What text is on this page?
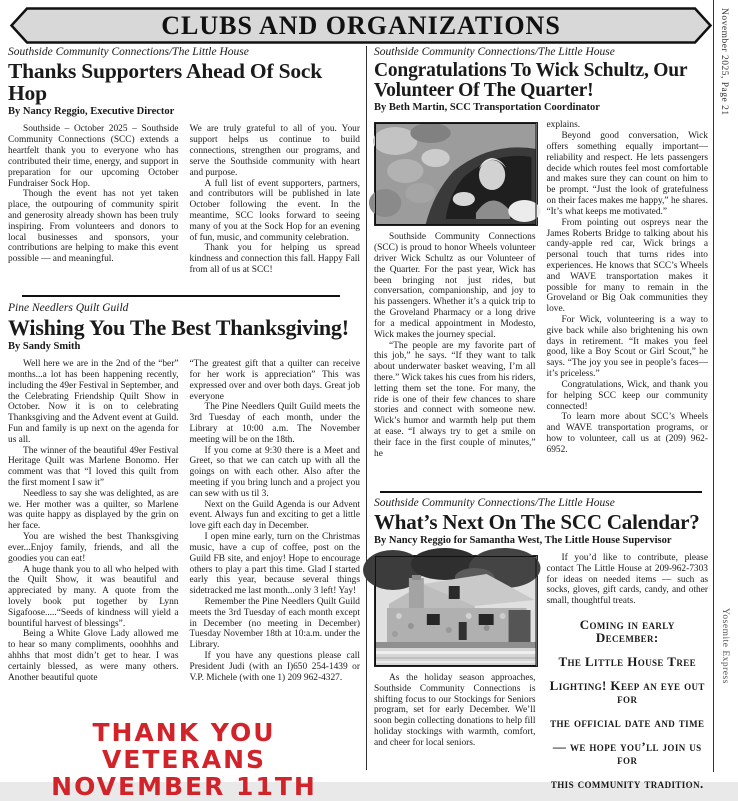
CLUBS AND ORGANIZATIONS	November 2025, Page 21
Yosemite Express

Southside Community Connections/The Little House

Thanks Supporters Ahead Of Sock Hop

By Nancy Reggio, Executive Director

Southside – October 2025 – Southside Community Connections (SCC) extends a heartfelt thank you to everyone who has contributed their time, energy, and support in preparation for our upcoming October Fundraiser Sock Hop.

Though the event has not yet taken place, the outpouring of community spirit and generosity already shown has been truly inspiring. From volunteers and donors to local businesses and sponsors, your contributions are helping to make this event possible — and meaningful.

We are truly grateful to all of you. Your support helps us continue to build connections, strengthen our programs, and serve the Southside community with heart and purpose.

A full list of event supporters, partners, and contributors will be published in late October following the event. In the meantime, SCC looks forward to seeing many of you at the Sock Hop for an evening of fun, music, and community celebration.

Thank you for helping us spread kindness and connection this fall. Happy Fall from all of us at SCC!

Pine Needlers Quilt Guild

Wishing You The Best Thanksgiving!

By Sandy Smith

Well here we are in the 2nd of the “ber” months...a lot has been happening recently, including the 49er Festival in September, and the Celebrating Friendship Quilt Show in October. Now it is on to celebrating Thanksgiving and the Advent event at Guild. Fun and family is up next on the agenda for us all.

The winner of the beautiful 49er Festival Heritage Quilt was Marlene Bonomo. Her comment was that “I loved this quilt from the first moment I saw it”

Needless to say she was delighted, as are we. Her mother was a quilter, so Marlene was quite happy as displayed by the grin on her face.

You are wished the best Thanksgiving ever...Enjoy family, friends, and all the goodies you can eat!

A huge thank you to all who helped with the Quilt Show, it was beautiful and appreciated by many. A quote from the lovely book put together by Lynn Sigafoose.....“Seeds of kindness will yield a bountiful harvest of blessings”.

Being a White Glove Lady allowed me to hear so many compliments, ooohhhs and ahhhs that most didn’t get to hear. I was certainly blessed, as were many others. Another beautiful quote

“The greatest gift that a quilter can receive for her work is appreciation” This was expressed over and over both days. Great job everyone

The Pine Needlers Quilt Guild meets the 3rd Tuesday of each month, under the Library at 10:00 a.m. The November meeting will be on the 18th.

If you come at 9:30 there is a Meet and Greet, so that we can catch up with all the goings on with each other. Also after the meeting if you bring lunch and a project you can sew with us til 3.

Next on the Guild Agenda is our Advent event. Always fun and exciting to get a little love gift each day in December.

I open mine early, turn on the Christmas music, have a cup of coffee, post on the Guild FB site, and enjoy! Hope to encourage others to play a part this time. Glad I started early this year, because several things sidetracked me last month...only 3 left! Yay!

Remember the Pine Needlers Quilt Guild meets the 3rd Tuesday of each month except in December (no meeting in December) Tuesday November 18th at 10:a.m. under the Library.

If you have any questions please call President Judi (with an I)650 254-1439 or V.P. Michele (with one 1) 209 962-4327.

THANK YOU VETERANS
NOVEMBER 11TH

Southside Community Connections/The Little House

Congratulations To Wick Schultz, Our Volunteer Of The Quarter!

By Beth Martin, SCC Transportation Coordinator

Southside Community Connections (SCC) is proud to honor Wheels volunteer driver Wick Schultz as our Volunteer of the Quarter. For the past year, Wick has been bringing not just rides, but conversation, companionship, and joy to his passengers. Whether it’s a quick trip to the Groveland Pharmacy or a long drive for a medical appointment in Modesto, Wick makes the journey special.

“The people are my favorite part of this job,” he says. “If they want to talk about underwater basket weaving, I’m all there.” Wick takes his cues from his riders, letting them set the tone. For many, the ride is one of their few chances to share stories and connect with someone new. Wick’s humor and warmth help put them at ease. “I always try to get a smile on their face in the first couple of minutes,” he

explains.

Beyond good conversation, Wick offers something equally important—reliability and respect. He lets passengers decide which routes feel most comfortable and makes sure they can count on him to be prompt. “Just the look of gratefulness on their faces makes me happy,” he shares. “It’s what keeps me motivated.”

From pointing out ospreys near the James Roberts Bridge to talking about his candy-apple red car, Wick brings a personal touch that turns rides into experiences. He knows that SCC’s Wheels and WAVE transportation makes it possible for many to remain in the Groveland or Big Oak communities they love.

For Wick, volunteering is a way to give back while also brightening his own days in retirement. “It makes you feel good, like a Boy Scout or Girl Scout,” he says. “The joy you see in people’s faces—it’s priceless.”

Congratulations, Wick, and thank you for helping SCC keep our community connected!

To learn more about SCC’s Wheels and WAVE transportation programs, or how to volunteer, call us at (209) 962-6952.

Southside Community Connections/The Little House

What’s Next On The SCC Calendar?

By Nancy Reggio for Samantha West, The Little House Supervisor

As the holiday season approaches, Southside Community Connections is shifting focus to our Stockings for Seniors program, set for early December. We’ll soon begin collecting donations to help fill holiday stockings with warmth, comfort, and cheer for local seniors.

If you’d like to contribute, please contact The Little House at 209-962-7303 for ideas on needed items — such as socks, gloves, gift cards, candy, and other small, thoughtful treats.

Coming in early December:
The Little House Tree
Lighting! Keep an eye out for
the official date and time
— we hope you’ll join us for
this community tradition.
